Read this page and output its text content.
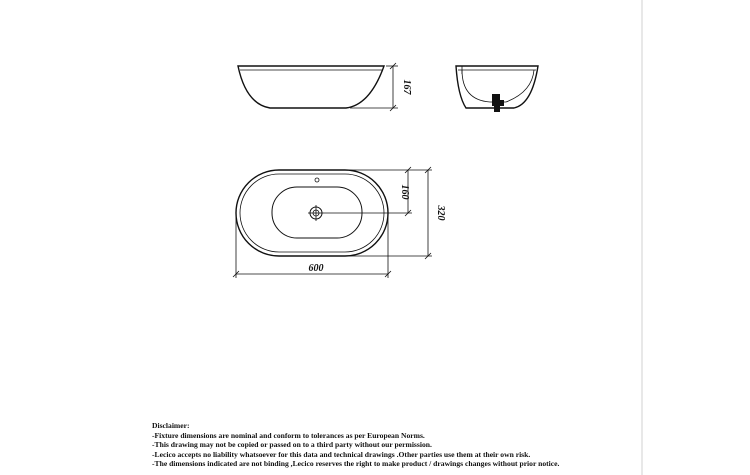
167
600
320
160
Disclaimer:
-Fixture dimensions are nominal and conform to tolerances as per European Norms.
-This drawing may not be copied or passed on to a third party without our permission.
-Lecico accepts no liability whatsoever for this data and technical drawings .Other parties use them at their own risk.
-The dimensions indicated are not binding ,Lecico reserves the right to make product / drawings changes without prior notice.
